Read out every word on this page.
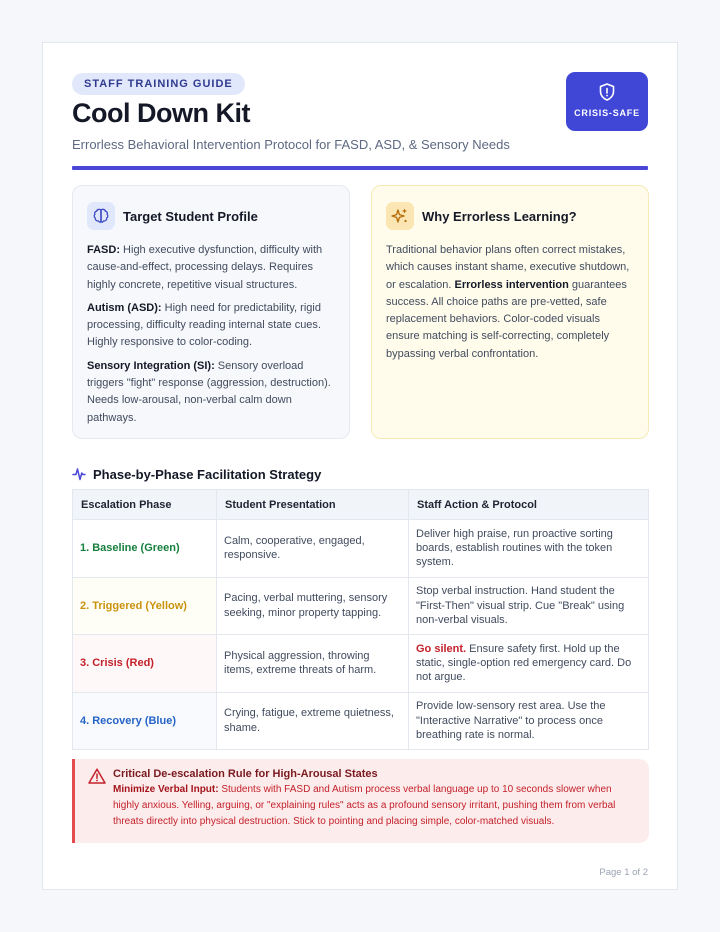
STAFF TRAINING GUIDE
Cool Down Kit
Errorless Behavioral Intervention Protocol for FASD, ASD, & Sensory Needs
CRISIS-SAFE
Target Student Profile

FASD: High executive dysfunction, difficulty with cause-and-effect, processing delays. Requires highly concrete, repetitive visual structures.

Autism (ASD): High need for predictability, rigid processing, difficulty reading internal state cues. Highly responsive to color-coding.

Sensory Integration (SI): Sensory overload triggers "fight" response (aggression, destruction). Needs low-arousal, non-verbal calm down pathways.

Why Errorless Learning?

Traditional behavior plans often correct mistakes, which causes instant shame, executive shutdown, or escalation. Errorless intervention guarantees success. All choice paths are pre-vetted, safe replacement behaviors. Color-coded visuals ensure matching is self-correcting, completely bypassing verbal confrontation.

Phase-by-Phase Facilitation Strategy
Escalation Phase	Student Presentation	Staff Action & Protocol
1. Baseline (Green)	Calm, cooperative, engaged, responsive.	Deliver high praise, run proactive sorting boards, establish routines with the token system.
2. Triggered (Yellow)	Pacing, verbal muttering, sensory seeking, minor property tapping.	Stop verbal instruction. Hand student the "First-Then" visual strip. Cue "Break" using non-verbal visuals.
3. Crisis (Red)	Physical aggression, throwing items, extreme threats of harm.	Go silent. Ensure safety first. Hold up the static, single-option red emergency card. Do not argue.
4. Recovery (Blue)	Crying, fatigue, extreme quietness, shame.	Provide low-sensory rest area. Use the "Interactive Narrative" to process once breathing rate is normal.
Critical De-escalation Rule for High-Arousal States
Minimize Verbal Input: Students with FASD and Autism process verbal language up to 10 seconds slower when highly anxious. Yelling, arguing, or "explaining rules" acts as a profound sensory irritant, pushing them from verbal threats directly into physical destruction. Stick to pointing and placing simple, color-matched visuals.
Page 1 of 2
